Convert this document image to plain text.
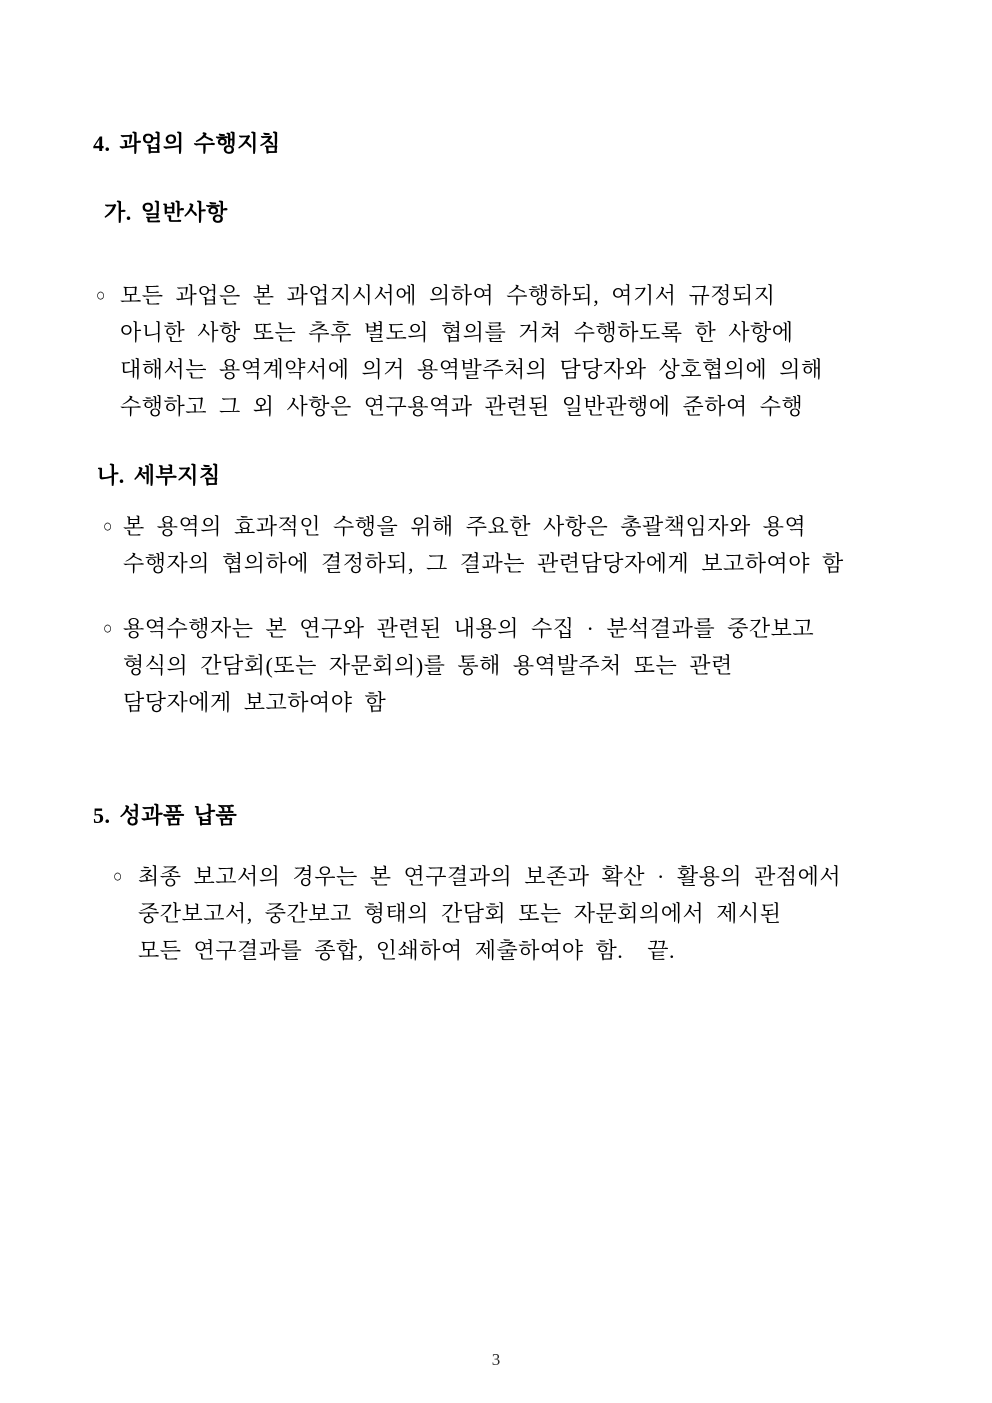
4. 과업의 수행지침
가. 일반사항
○ 모든 과업은 본 과업지시서에 의하여 수행하되, 여기서 규정되지
아니한 사항 또는 추후 별도의 협의를 거쳐 수행하도록 한 사항에
대해서는 용역계약서에 의거 용역발주처의 담당자와 상호협의에 의해
수행하고 그 외 사항은 연구용역과 관련된 일반관행에 준하여 수행
나. 세부지침
○ 본 용역의 효과적인 수행을 위해 주요한 사항은 총괄책임자와 용역
수행자의 협의하에 결정하되, 그 결과는 관련담당자에게 보고하여야 함
○ 용역수행자는 본 연구와 관련된 내용의 수집 · 분석결과를 중간보고
형식의 간담회(또는 자문회의)를 통해 용역발주처 또는 관련
담당자에게 보고하여야 함
5. 성과품 납품
○ 최종 보고서의 경우는 본 연구결과의 보존과 확산 · 활용의 관점에서
중간보고서, 중간보고 형태의 간담회 또는 자문회의에서 제시된
모든 연구결과를 종합, 인쇄하여 제출하여야 함.  끝.
3
